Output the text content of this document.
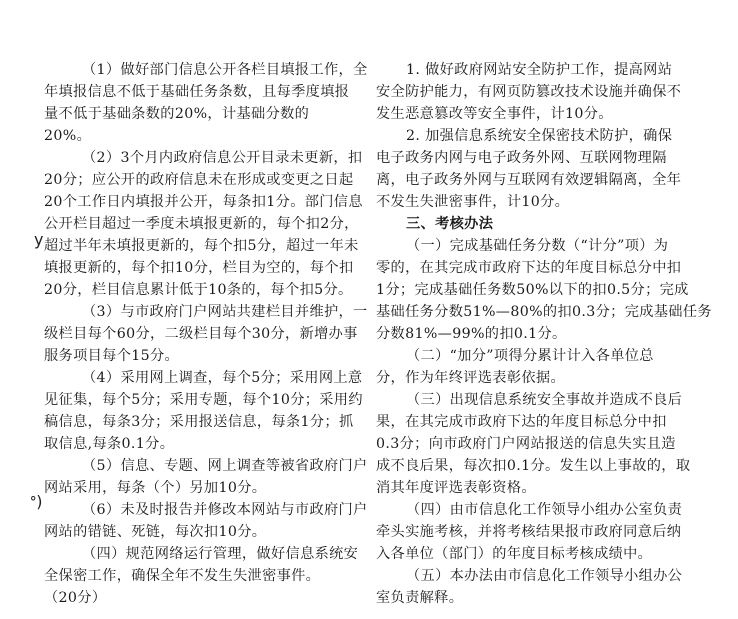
（1）做好部门信息公开各栏目填报工作，全
年填报信息不低于基础任务条数，且每季度填报
量不低于基础条数的20%，计基础分数的
20%。
（2）3个月内政府信息公开目录未更新，扣
20分；应公开的政府信息未在形成或变更之日起
20个工作日内填报并公开，每条扣1分。部门信息
公开栏目超过一季度未填报更新的，每个扣2分，
超过半年未填报更新的，每个扣5分，超过一年未
填报更新的，每个扣10分，栏目为空的，每个扣
20分，栏目信息累计低于10条的，每个扣5分。
（3）与市政府门户网站共建栏目并维护，一
级栏目每个60分，二级栏目每个30分，新增办事
服务项目每个15分。
（4）采用网上调查，每个5分；采用网上意
见征集，每个5分；采用专题，每个10分；采用约
稿信息，每条3分；采用报送信息，每条1分；抓
取信息,每条0.1分。
（5）信息、专题、网上调查等被省政府门户
网站采用，每条（个）另加10分。
（6）未及时报告并修改本网站与市政府门户
网站的错链、死链，每次扣10分。
（四）规范网络运行管理，做好信息系统安
全保密工作，确保全年不发生失泄密事件。
（20分）
1. 做好政府网站安全防护工作，提高网站
安全防护能力，有网页防篡改技术设施并确保不
发生恶意篡改等安全事件，计10分。
2. 加强信息系统安全保密技术防护，确保
电子政务内网与电子政务外网、互联网物理隔
离，电子政务外网与互联网有效逻辑隔离，全年
不发生失泄密事件，计10分。
三、考核办法
（一）完成基础任务分数（“计分”项）为
零的，在其完成市政府下达的年度目标总分中扣
1分；完成基础任务数50%以下的扣0.5分；完成
基础任务分数51%—80%的扣0.3分；完成基础任务
分数81%—99%的扣0.1分。
（二）“加分”项得分累计计入各单位总
分，作为年终评选表彰依据。
（三）出现信息系统安全事故并造成不良后
果，在其完成市政府下达的年度目标总分中扣
0.3分；向市政府门户网站报送的信息失实且造
成不良后果，每次扣0.1分。发生以上事故的，取
消其年度评选表彰资格。
（四）由市信息化工作领导小组办公室负责
牵头实施考核，并将考核结果报市政府同意后纳
入各单位（部门）的年度目标考核成绩中。
（五）本办法由市信息化工作领导小组办公
室负责解释。
y
ᐤ)
